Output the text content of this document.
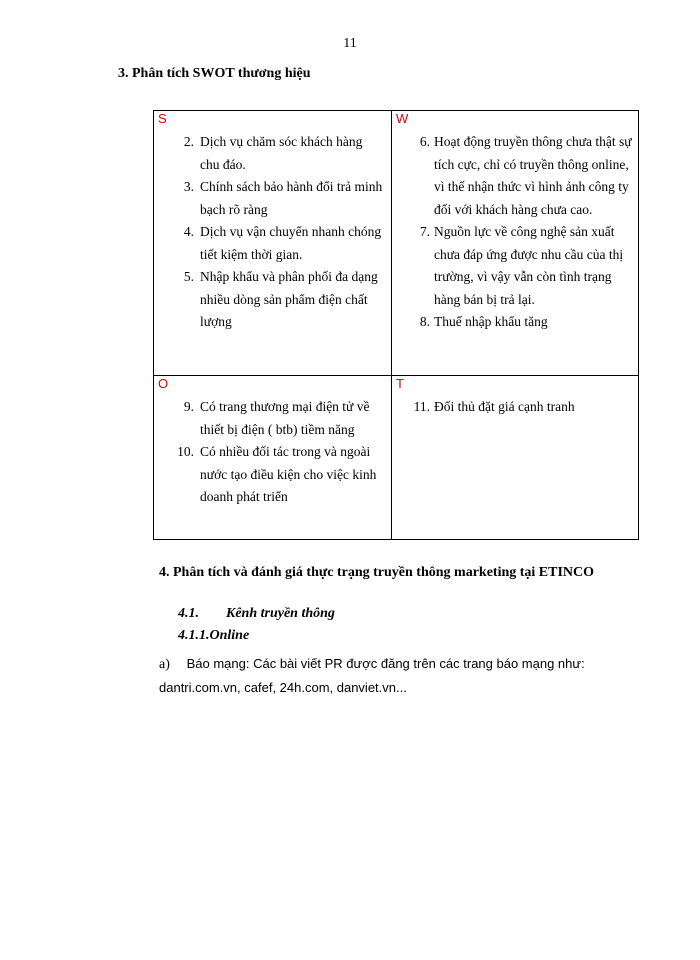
11
3. Phân tích SWOT thương hiệu
S
2. Dịch vụ chăm sóc khách hàng chu đáo.
3. Chính sách bảo hành đổi trả minh bạch rõ ràng
4. Dịch vụ vận chuyển nhanh chóng tiết kiệm thời gian.
5. Nhập khẩu và phân phối đa dạng nhiều dòng sản phẩm điện chất lượng
W
6. Hoạt động truyền thông chưa thật sự tích cực, chỉ có truyền thông online, vì thế nhận thức vì hình ảnh công ty đối với khách hàng chưa cao.
7. Nguồn lực về công nghệ sản xuất chưa đáp ứng được nhu cầu của thị trường, vì vậy vẫn còn tình trạng hàng bán bị trả lại.
8. Thuế nhập khẩu tăng
O
9. Có trang thương mại điện tử về thiết bị điện ( btb) tiềm năng
10. Có nhiều đối tác trong và ngoài nước tạo điều kiện cho việc kinh doanh phát triển
T
11. Đối thủ đặt giá cạnh tranh
4. Phân tích và đánh giá thực trạng truyền thông marketing tại ETINCO
4.1. Kênh truyền thông
4.1.1.Online
a) Báo mạng: Các bài viết PR được đăng trên các trang báo mạng như: dantri.com.vn, cafef, 24h.com, danviet.vn...
